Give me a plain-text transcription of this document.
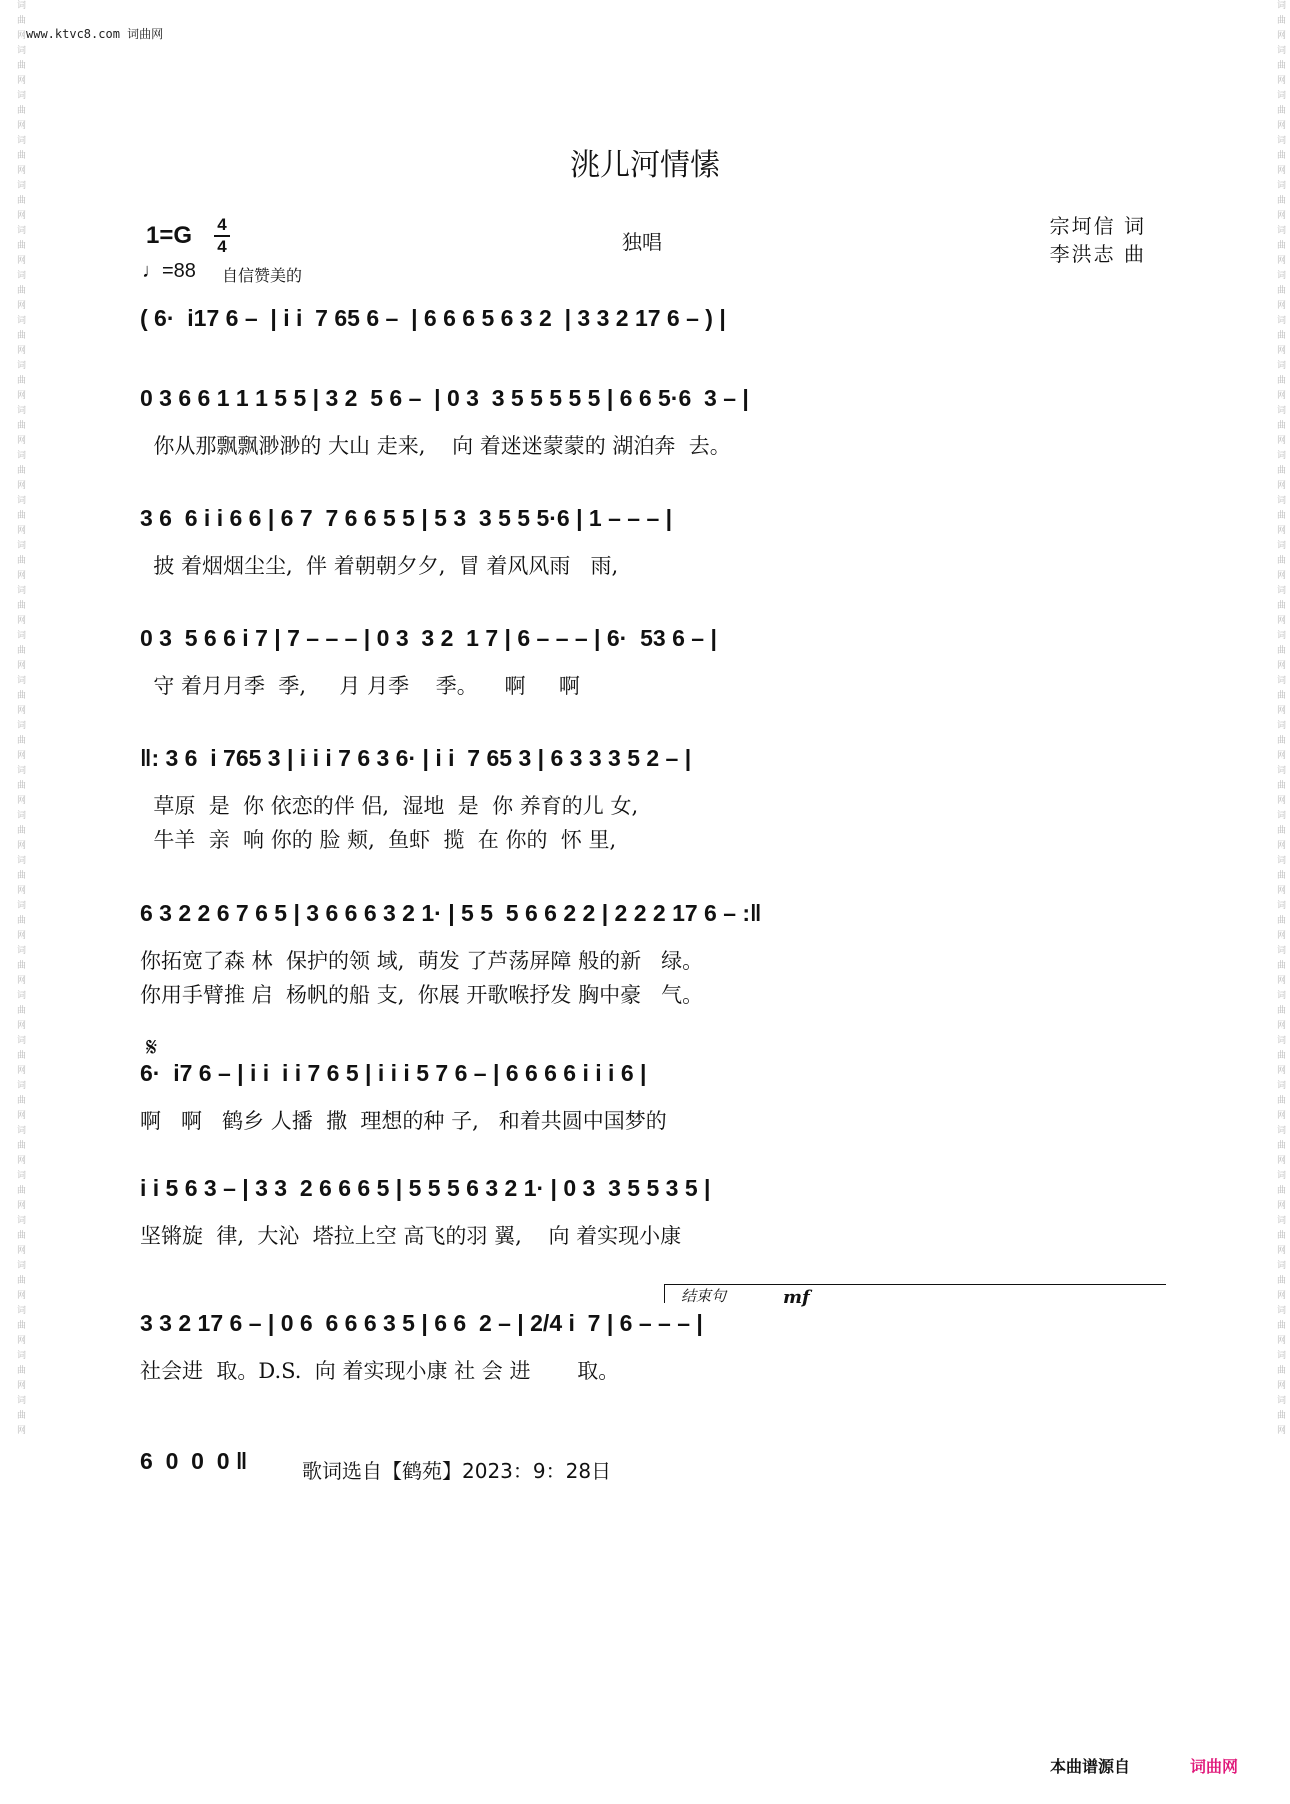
词曲网词曲网词曲网词曲网词曲网词曲网词曲网词曲网词曲网词曲网词曲网词曲网词曲网词曲网词曲网词曲网词曲网词曲网词曲网词曲网词曲网词曲网词曲网词曲网词曲网词曲网词曲网词曲网词曲网词曲网词曲网词曲网	词曲网词曲网词曲网词曲网词曲网词曲网词曲网词曲网词曲网词曲网词曲网词曲网词曲网词曲网词曲网词曲网词曲网词曲网词曲网词曲网词曲网词曲网词曲网词曲网词曲网词曲网词曲网词曲网词曲网词曲网词曲网词曲网
www.ktvc8.com 词曲网
洮儿河情愫
1=G 4
4
♩=88 自信赞美的
独唱
宗坷信 词
李洪志 曲
( 6·  i17 6 –  | i i  7 65 6 –  | 6 6 6 5 6 3 2  | 3 3 2 17 6 – ) |
0 3 6 6 1 1 1 5 5 | 3 2  5 6 –  | 0 3  3 5 5 5 5 5 | 6 6 5·6  3 – |
你从那飘飘渺渺的 大山 走来,    向 着迷迷蒙蒙的 湖泊奔  去。
3 6  6 i i 6 6 | 6 7  7 6 6 5 5 | 5 3  3 5 5 5·6 | 1 – – – |
披 着烟烟尘尘,  伴 着朝朝夕夕,  冒 着风风雨   雨,
0 3  5 6 6 i 7 | 7 – – – | 0 3  3 2  1 7 | 6 – – – | 6·  53 6 – |
守 着月月季  季,     月 月季    季。    啊     啊
‖: 3 6  i 765 3 | i i i 7 6 3 6· | i i  7 65 3 | 6 3 3 3 5 2 – |
草原  是  你 依恋的伴 侣,  湿地  是  你 养育的儿 女,
牛羊  亲  响 你的 脸 颊,  鱼虾  揽  在 你的  怀 里,
6 3 2 2 6 7 6 5 | 3 6 6 6 3 2 1· | 5 5  5 6 6 2 2 | 2 2 2 17 6 – :‖
你拓宽了森 林  保护的领 域,  萌发 了芦荡屏障 般的新   绿。
你用手臂推 启  杨帆的船 支,  你展 开歌喉抒发 胸中豪   气。
𝄋
6·  i7 6 – | i i  i i 7 6 5 | i i i 5 7 6 – | 6 6 6 6 i i i 6 |
啊   啊   鹤乡 人播  撒  理想的种 子,   和着共圆中国梦的
i i 5 6 3 – | 3 3  2 6 6 6 5 | 5 5 5 6 3 2 1· | 0 3  3 5 5 3 5 |
坚锵旋  律,  大沁  塔拉上空 高飞的羽 翼,    向 着实现小康
结束句	mf
3 3 2 17 6 – | 0 6  6 6 6 3 5 | 6 6  2 – | 2/4 i  7 | 6 – – – |
社会进  取。D.S.  向 着实现小康 社 会 进       取。
6  0  0  0 ‖	歌词选自【鹤苑】2023：9：28日
本曲谱源自	词曲网
